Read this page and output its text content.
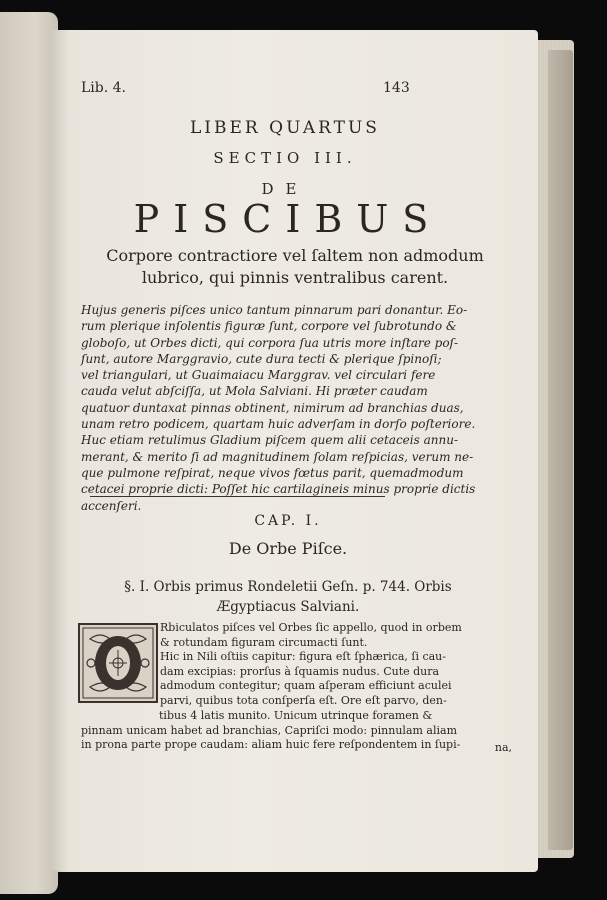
Lib. 4.	143
LIBER QUARTUS
SECTIO III.
DE
PISCIBUS
Corpore contractiore vel ſaltem non admodum
lubrico, qui pinnis ventralibus carent.
Hujus generis piſces unico tantum pinnarum pari donantur. Eo-
rum plerique inſolentis figuræ ſunt, corpore vel ſubrotundo &
globoſo, ut Orbes dicti, qui corpora ſua utris more inſtare poſ-
ſunt, autore Marggravio, cute dura tecti & plerique ſpinoſi;
vel triangulari, ut Guaimaiacu Marggrav. vel circulari fere
cauda velut abſciſſa, ut Mola Salviani. Hi præter caudam
quatuor duntaxat pinnas obtinent, nimirum ad branchias duas,
unam retro podicem, quartam huic adverſam in dorſo poſteriore.
Huc etiam retulimus Gladium piſcem quem alii cetaceis annu-
merant, & merito ſi ad magnitudinem ſolam reſpicias, verum ne-
que pulmone reſpirat, neque vivos fœtus parit, quemadmodum
cetacei proprie dicti: Poſſet hic cartilagineis minus proprie dictis
accenſeri.
CAP. I.
De Orbe Piſce.
§. I. Orbis primus Rondeletii Geſn. p. 744. Orbis
Ægyptiacus Salviani.
Rbiculatos piſces vel Orbes ſic appello, quod in orbem
& rotundam figuram circumacti ſunt.
Hic in Nili oſtiis capitur: figura eſt ſphærica, ſi cau-
dam excipias: prorſus à ſquamis nudus. Cute dura
admodum contegitur; quam aſperam efficiunt aculei
parvi, quibus tota conſperſa eſt. Ore eſt parvo, den-
tibus 4 latis munito. Unicum utrinque foramen &
pinnam unicam habet ad branchias, Capriſci modo: pinnulam aliam
in prona parte prope caudam: aliam huic fere reſpondentem in ſupi-	na,
